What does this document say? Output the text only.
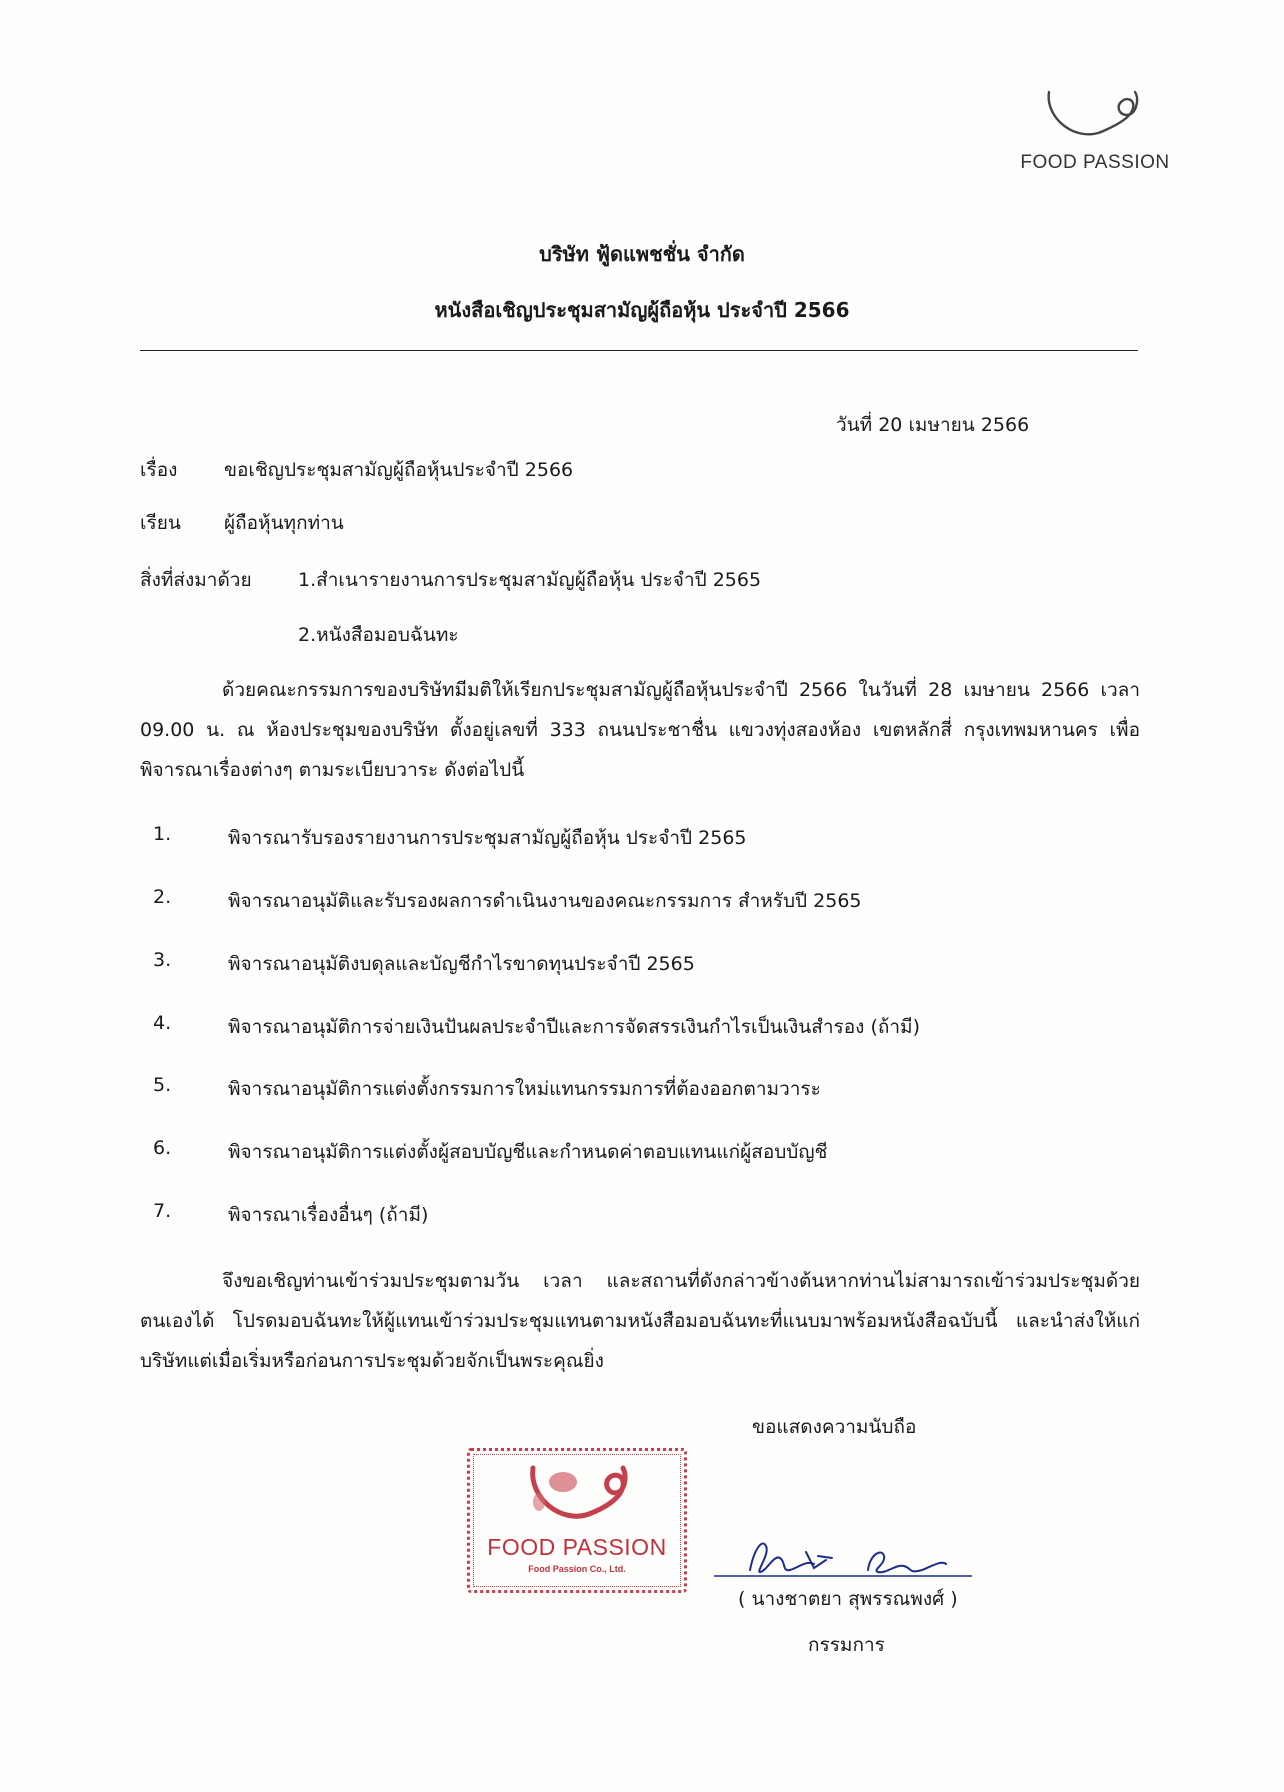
FOOD PASSION
บริษัท ฟู้ดแพชชั่น จำกัด
หนังสือเชิญประชุมสามัญผู้ถือหุ้น ประจำปี 2566
วันที่ 20 เมษายน 2566
เรื่อง ขอเชิญประชุมสามัญผู้ถือหุ้นประจำปี 2566
เรียน ผู้ถือหุ้นทุกท่าน
สิ่งที่ส่งมาด้วย 1.สำเนารายงานการประชุมสามัญผู้ถือหุ้น ประจำปี 2565
2.หนังสือมอบฉันทะ
ด้วยคณะกรรมการของบริษัทมีมติให้เรียกประชุมสามัญผู้ถือหุ้นประจำปี 2566 ในวันที่ 28 เมษายน 2566 เวลา 09.00 น. ณ ห้องประชุมของบริษัท ตั้งอยู่เลขที่ 333 ถนนประชาชื่น แขวงทุ่งสองห้อง เขตหลักสี่ กรุงเทพมหานคร เพื่อพิจารณาเรื่องต่างๆ ตามระเบียบวาระ ดังต่อไปนี้
1.	พิจารณารับรองรายงานการประชุมสามัญผู้ถือหุ้น ประจำปี 2565
2.	พิจารณาอนุมัติและรับรองผลการดำเนินงานของคณะกรรมการ สำหรับปี 2565
3.	พิจารณาอนุมัติงบดุลและบัญชีกำไรขาดทุนประจำปี 2565
4.	พิจารณาอนุมัติการจ่ายเงินปันผลประจำปีและการจัดสรรเงินกำไรเป็นเงินสำรอง (ถ้ามี)
5.	พิจารณาอนุมัติการแต่งตั้งกรรมการใหม่แทนกรรมการที่ต้องออกตามวาระ
6.	พิจารณาอนุมัติการแต่งตั้งผู้สอบบัญชีและกำหนดค่าตอบแทนแก่ผู้สอบบัญชี
7.	พิจารณาเรื่องอื่นๆ (ถ้ามี)
จึงขอเชิญท่านเข้าร่วมประชุมตามวัน เวลา และสถานที่ดังกล่าวข้างต้นหากท่านไม่สามารถเข้าร่วมประชุมด้วยตนเองได้ โปรดมอบฉันทะให้ผู้แทนเข้าร่วมประชุมแทนตามหนังสือมอบฉันทะที่แนบมาพร้อมหนังสือฉบับนี้ และนำส่งให้แก่บริษัทแต่เมื่อเริ่มหรือก่อนการประชุมด้วยจักเป็นพระคุณยิ่ง
ขอแสดงความนับถือ
FOOD PASSION
Food Passion Co., Ltd.
( นางชาตยา สุพรรณพงศ์ )
กรรมการ
